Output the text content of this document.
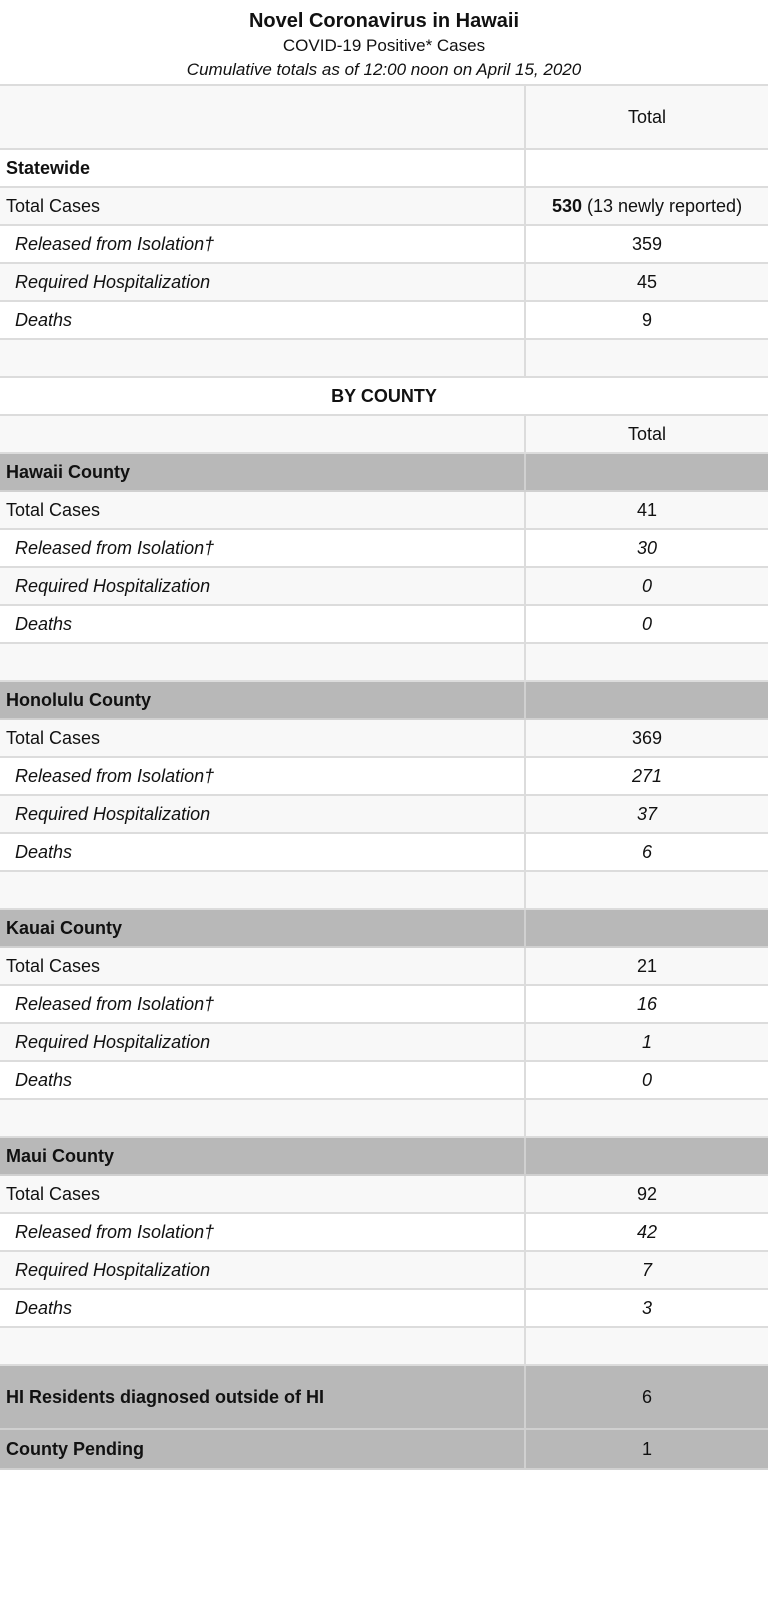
Novel Coronavirus in Hawaii
COVID-19 Positive* Cases
Cumulative totals as of 12:00 noon on April 15, 2020
	Total
Statewide	
Total Cases	530 (13 newly reported)
Released from Isolation†	359
Required Hospitalization	45
Deaths	9

BY COUNTY	
	Total
Hawaii County	
Total Cases	41
Released from Isolation†	30
Required Hospitalization	0
Deaths	0

Honolulu County	
Total Cases	369
Released from Isolation†	271
Required Hospitalization	37
Deaths	6

Kauai County	
Total Cases	21
Released from Isolation†	16
Required Hospitalization	1
Deaths	0

Maui County	
Total Cases	92
Released from Isolation†	42
Required Hospitalization	7
Deaths	3

HI Residents diagnosed outside of HI	6
County Pending	1
